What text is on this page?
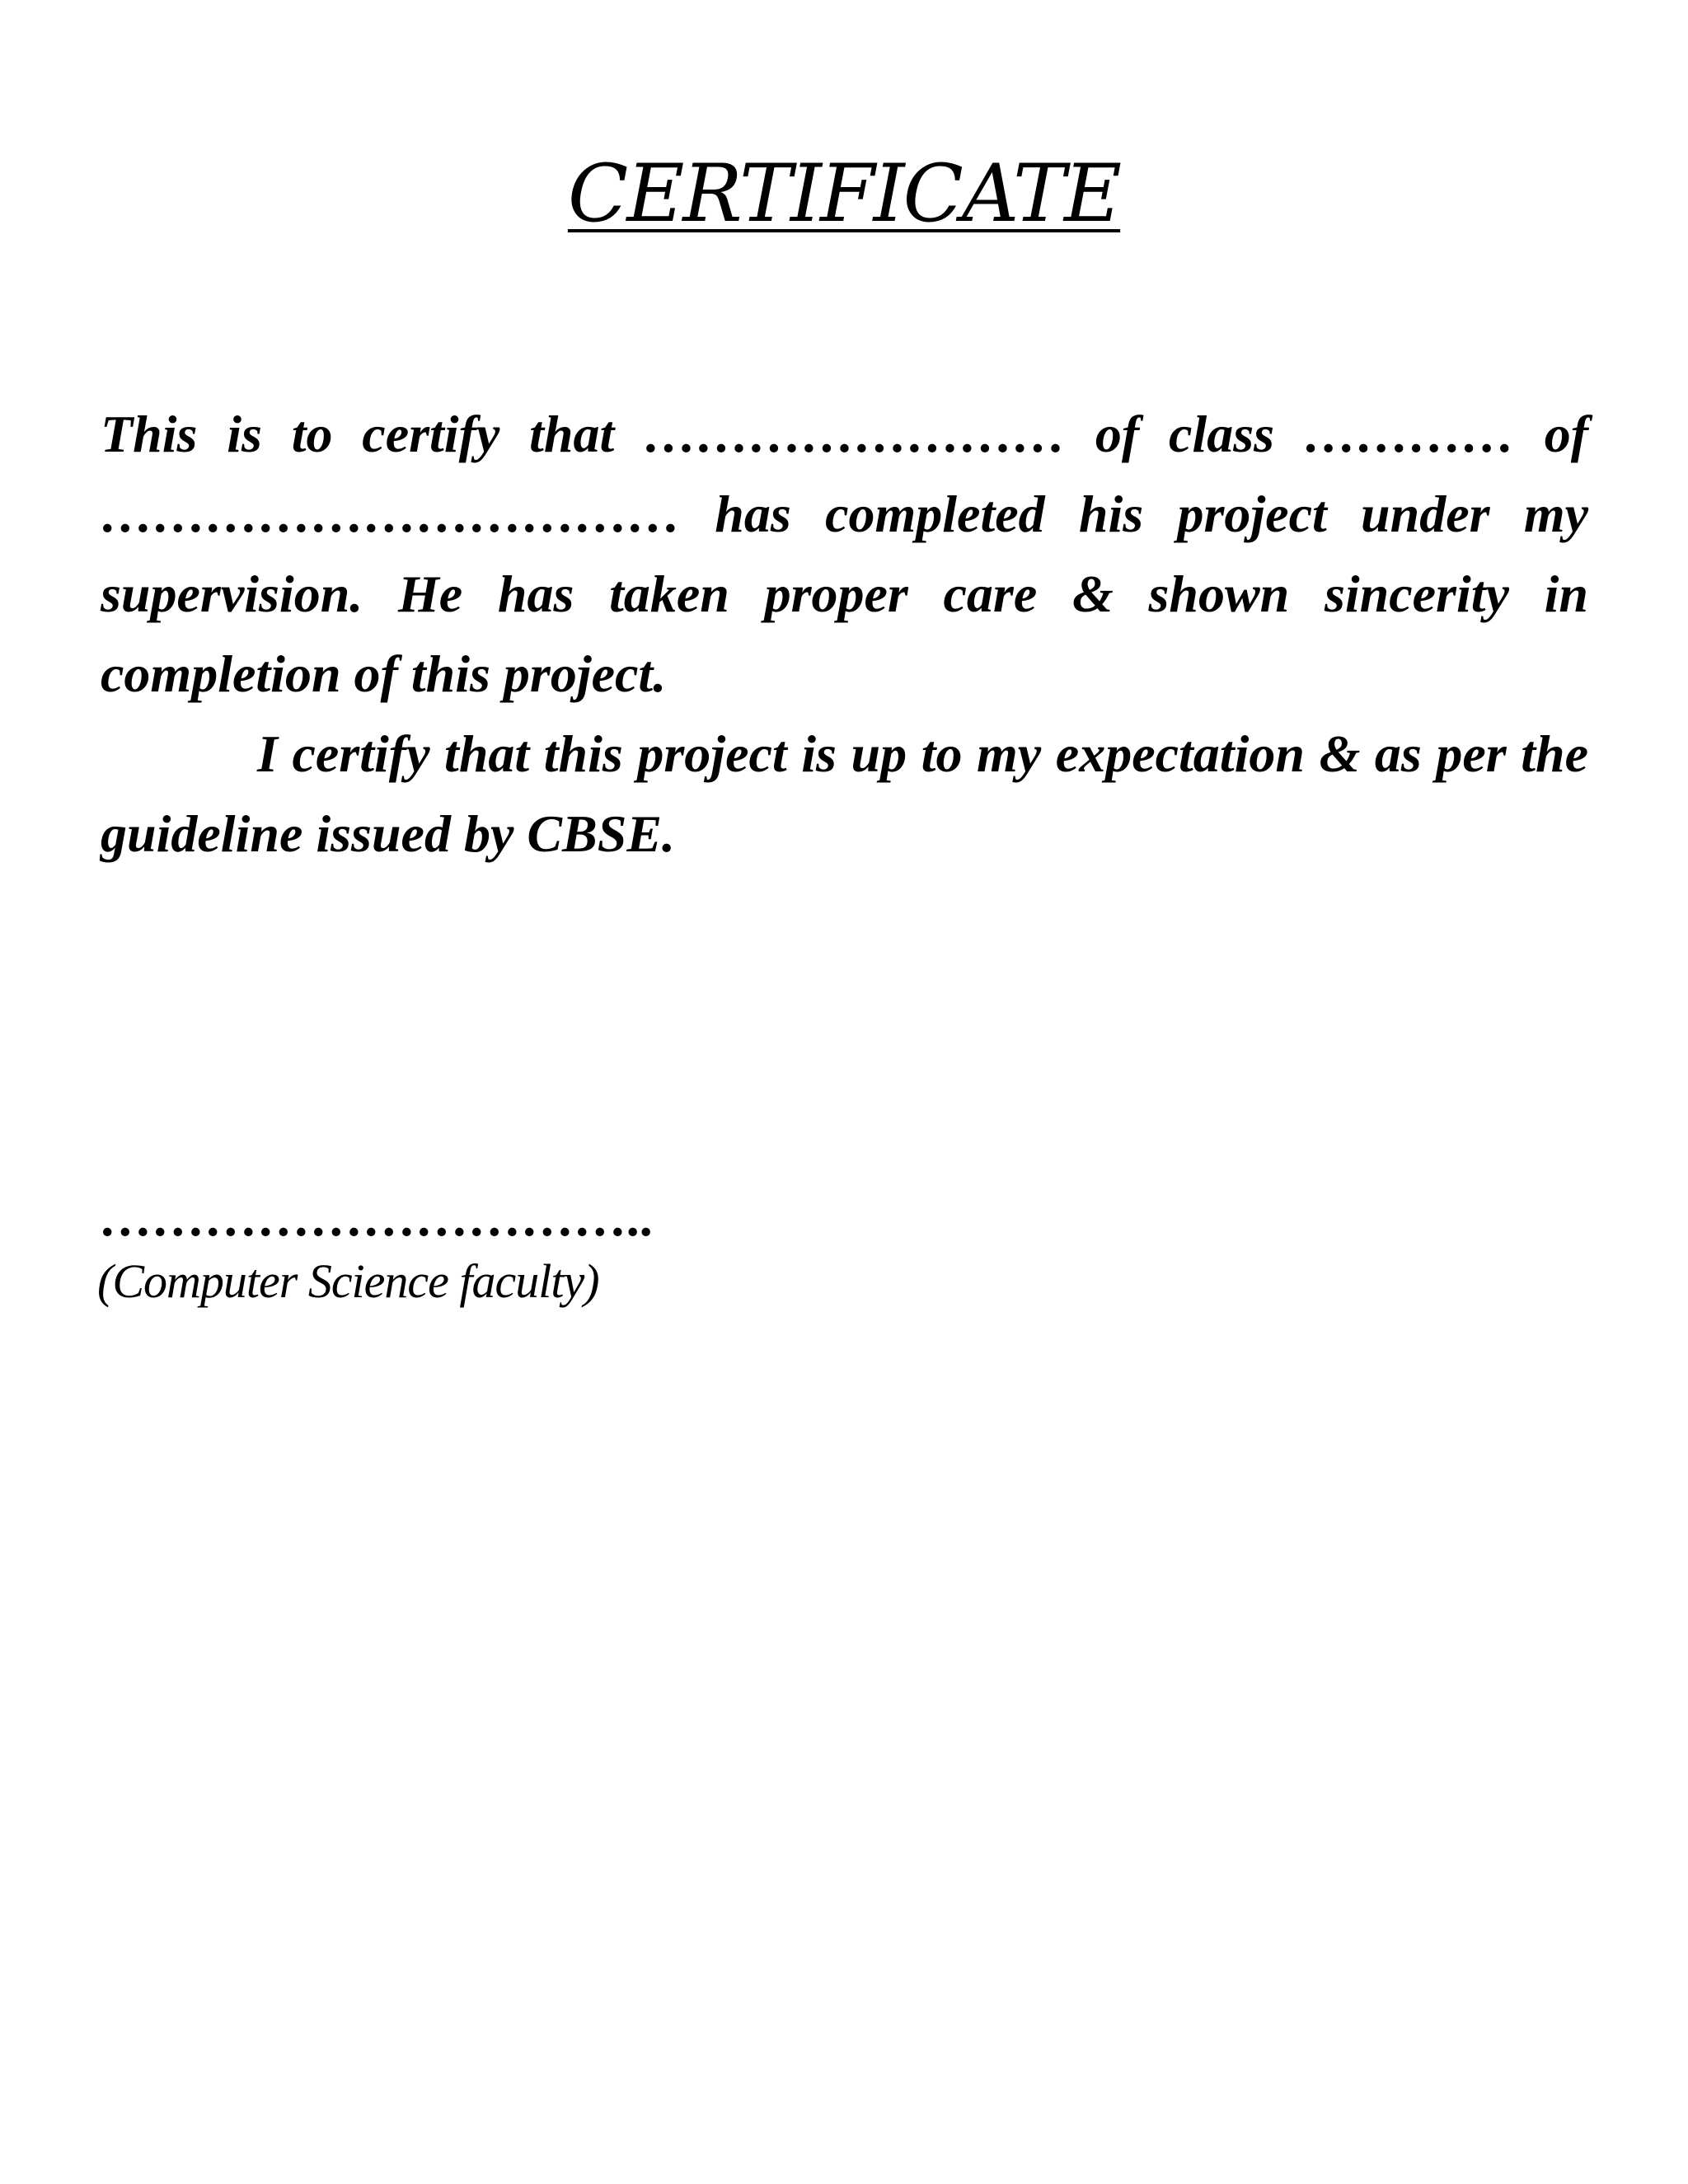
CERTIFICATE

This is to certify that …………………… of class ………… of …………………………… has completed his project under my supervision. He has taken proper care & shown sincerity in completion of this project.

I certify that this project is up to my expectation & as per the guideline issued by CBSE.

…………………………..
(Computer Science faculty)
